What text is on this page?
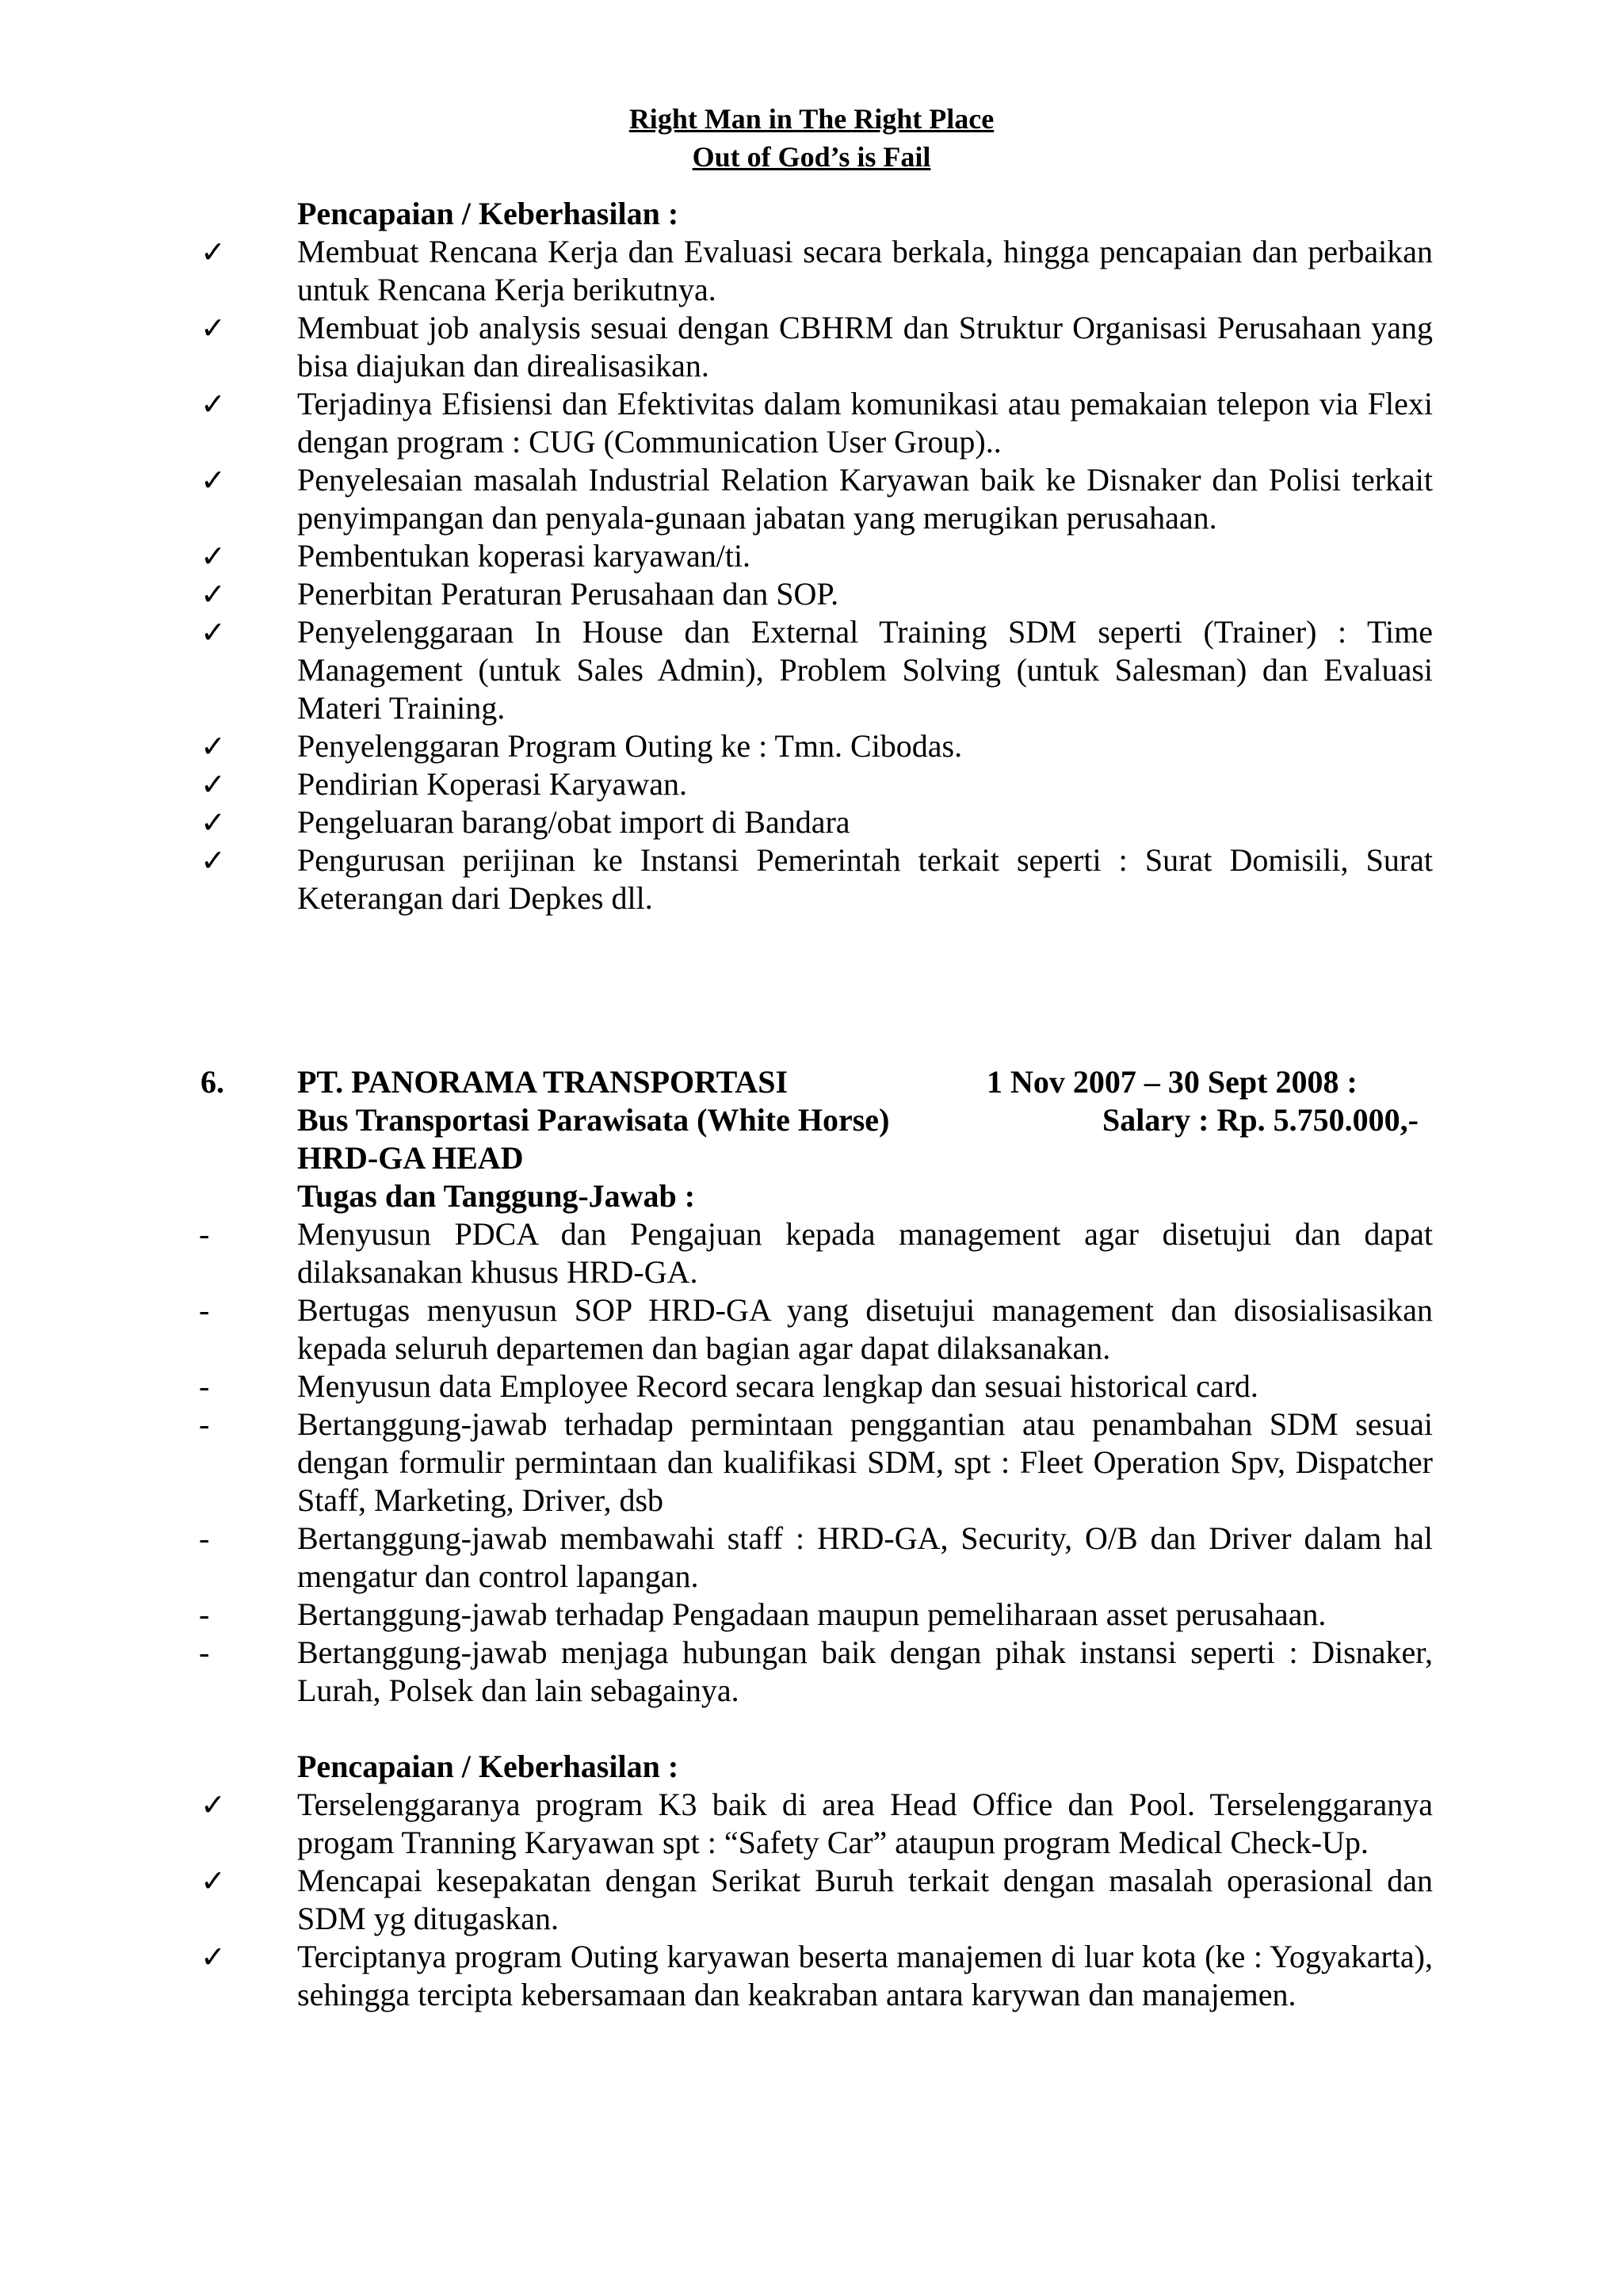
Right Man in The Right Place
Out of God’s is Fail
Pencapaian / Keberhasilan :
✓ Membuat Rencana Kerja dan Evaluasi secara berkala, hingga pencapaian dan perbaikan untuk Rencana Kerja berikutnya.
✓ Membuat job analysis sesuai dengan CBHRM dan Struktur Organisasi Perusahaan yang bisa diajukan dan direalisasikan.
✓ Terjadinya Efisiensi dan Efektivitas dalam komunikasi atau pemakaian telepon via Flexi dengan program : CUG (Communication User Group)..
✓ Penyelesaian masalah Industrial Relation Karyawan baik ke Disnaker dan Polisi terkait penyimpangan dan penyala-gunaan jabatan yang merugikan perusahaan.
✓ Pembentukan koperasi karyawan/ti.
✓ Penerbitan Peraturan Perusahaan dan SOP.
✓ Penyelenggaraan In House dan External Training SDM seperti (Trainer) : Time Management (untuk Sales Admin), Problem Solving (untuk Salesman) dan Evaluasi Materi Training.
✓ Penyelenggaran Program Outing ke : Tmn. Cibodas.
✓ Pendirian Koperasi Karyawan.
✓ Pengeluaran barang/obat import di Bandara
✓ Pengurusan perijinan ke Instansi Pemerintah terkait seperti : Surat Domisili, Surat Keterangan dari Depkes dll.
6. PT. PANORAMA TRANSPORTASI	1 Nov 2007 – 30 Sept 2008 :
Bus Transportasi Parawisata (White Horse)	Salary : Rp. 5.750.000,-
HRD-GA HEAD
Tugas dan Tanggung-Jawab :
-	Menyusun PDCA dan Pengajuan kepada management agar disetujui dan dapat dilaksanakan khusus HRD-GA.
-	Bertugas menyusun SOP HRD-GA yang disetujui management dan disosialisasikan kepada seluruh departemen dan bagian agar dapat dilaksanakan.
-	Menyusun data Employee Record secara lengkap dan sesuai historical card.
-	Bertanggung-jawab terhadap permintaan penggantian atau penambahan SDM sesuai dengan formulir permintaan dan kualifikasi SDM, spt : Fleet Operation Spv, Dispatcher Staff, Marketing, Driver, dsb
-	Bertanggung-jawab membawahi staff : HRD-GA, Security, O/B dan Driver dalam hal mengatur dan control lapangan.
-	Bertanggung-jawab terhadap Pengadaan maupun pemeliharaan asset perusahaan.
-	Bertanggung-jawab menjaga hubungan baik dengan pihak instansi seperti : Disnaker, Lurah, Polsek dan lain sebagainya.
Pencapaian / Keberhasilan :
✓ Terselenggaranya program K3 baik di area Head Office dan Pool. Terselenggaranya progam Tranning Karyawan spt : “Safety Car” ataupun program Medical Check-Up.
✓ Mencapai kesepakatan dengan Serikat Buruh terkait dengan masalah operasional dan SDM yg ditugaskan.
✓ Terciptanya program Outing karyawan beserta manajemen di luar kota (ke : Yogyakarta), sehingga tercipta kebersamaan dan keakraban antara karywan dan manajemen.
